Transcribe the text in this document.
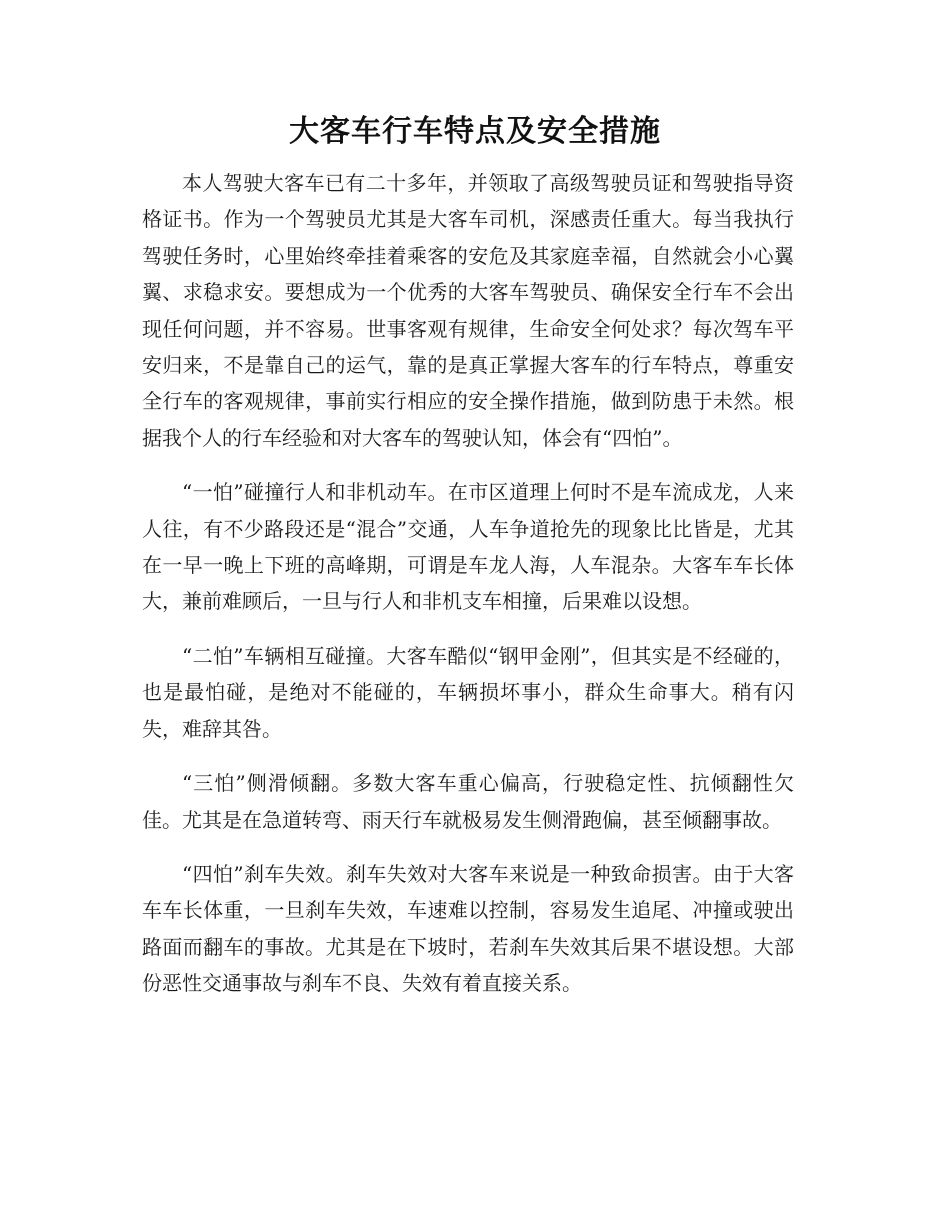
大客车行车特点及安全措施

本人驾驶大客车已有二十多年，并领取了高级驾驶员证和驾驶指导资格证书。作为一个驾驶员尤其是大客车司机，深感责任重大。每当我执行驾驶任务时，心里始终牵挂着乘客的安危及其家庭幸福，自然就会小心翼翼、求稳求安。要想成为一个优秀的大客车驾驶员、确保安全行车不会出现任何问题，并不容易。世事客观有规律，生命安全何处求？每次驾车平安归来，不是靠自己的运气，靠的是真正掌握大客车的行车特点，尊重安全行车的客观规律，事前实行相应的安全操作措施，做到防患于未然。根据我个人的行车经验和对大客车的驾驶认知，体会有“四怕”。

“一怕”碰撞行人和非机动车。在市区道理上何时不是车流成龙，人来人往，有不少路段还是“混合”交通，人车争道抢先的现象比比皆是，尤其在一早一晚上下班的高峰期，可谓是车龙人海，人车混杂。大客车车长体大，兼前难顾后，一旦与行人和非机支车相撞，后果难以设想。

“二怕”车辆相互碰撞。大客车酷似“钢甲金刚”，但其实是不经碰的，也是最怕碰，是绝对不能碰的，车辆损坏事小，群众生命事大。稍有闪失，难辞其咎。

“三怕”侧滑倾翻。多数大客车重心偏高，行驶稳定性、抗倾翻性欠佳。尤其是在急道转弯、雨天行车就极易发生侧滑跑偏，甚至倾翻事故。

“四怕”刹车失效。刹车失效对大客车来说是一种致命损害。由于大客车车长体重，一旦刹车失效，车速难以控制，容易发生追尾、冲撞或驶出路面而翻车的事故。尤其是在下坡时，若刹车失效其后果不堪设想。大部份恶性交通事故与刹车不良、失效有着直接关系。
